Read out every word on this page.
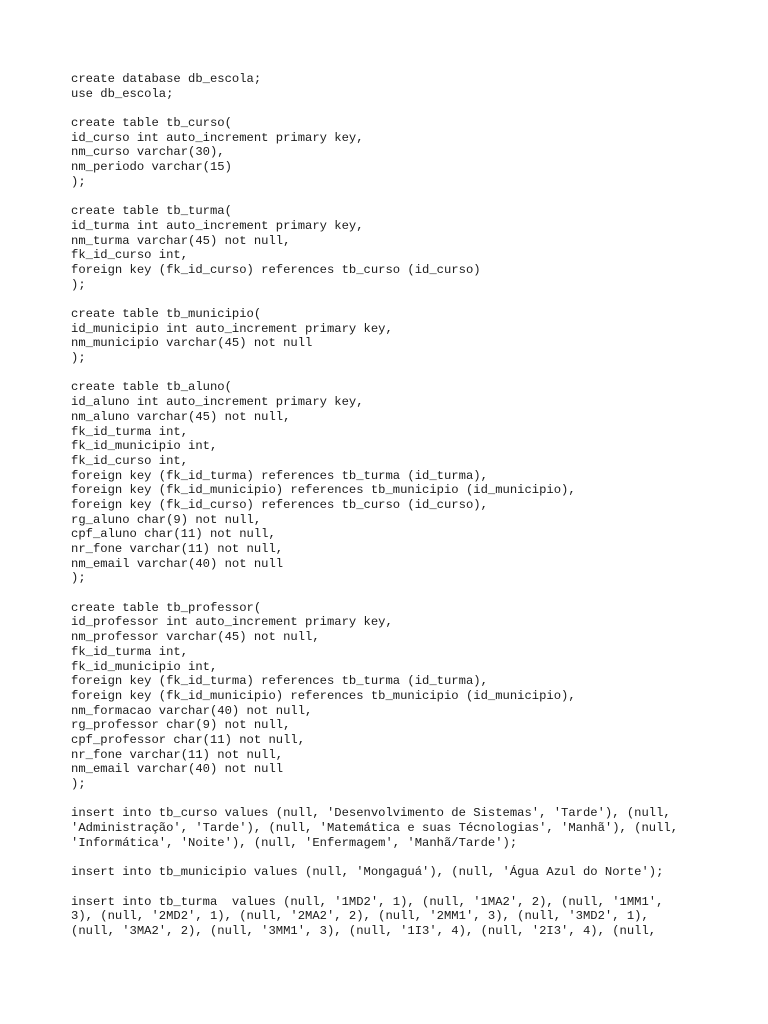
create database db_escola;
use db_escola;
create table tb_curso(
id_curso int auto_increment primary key,
nm_curso varchar(30),
nm_periodo varchar(15)
);
create table tb_turma(
id_turma int auto_increment primary key,
nm_turma varchar(45) not null,
fk_id_curso int,
foreign key (fk_id_curso) references tb_curso (id_curso)
);
create table tb_municipio(
id_municipio int auto_increment primary key,
nm_municipio varchar(45) not null
);
create table tb_aluno(
id_aluno int auto_increment primary key,
nm_aluno varchar(45) not null,
fk_id_turma int,
fk_id_municipio int,
fk_id_curso int,
foreign key (fk_id_turma) references tb_turma (id_turma),
foreign key (fk_id_municipio) references tb_municipio (id_municipio),
foreign key (fk_id_curso) references tb_curso (id_curso),
rg_aluno char(9) not null,
cpf_aluno char(11) not null,
nr_fone varchar(11) not null,
nm_email varchar(40) not null
);
create table tb_professor(
id_professor int auto_increment primary key,
nm_professor varchar(45) not null,
fk_id_turma int,
fk_id_municipio int,
foreign key (fk_id_turma) references tb_turma (id_turma),
foreign key (fk_id_municipio) references tb_municipio (id_municipio),
nm_formacao varchar(40) not null,
rg_professor char(9) not null,
cpf_professor char(11) not null,
nr_fone varchar(11) not null,
nm_email varchar(40) not null
);
insert into tb_curso values (null, 'Desenvolvimento de Sistemas', 'Tarde'), (null,
'Administração', 'Tarde'), (null, 'Matemática e suas Técnologias', 'Manhã'), (null,
'Informática', 'Noite'), (null, 'Enfermagem', 'Manhã/Tarde');
insert into tb_municipio values (null, 'Mongaguá'), (null, 'Água Azul do Norte');
insert into tb_turma  values (null, '1MD2', 1), (null, '1MA2', 2), (null, '1MM1',
3), (null, '2MD2', 1), (null, '2MA2', 2), (null, '2MM1', 3), (null, '3MD2', 1),
(null, '3MA2', 2), (null, '3MM1', 3), (null, '1I3', 4), (null, '2I3', 4), (null,
